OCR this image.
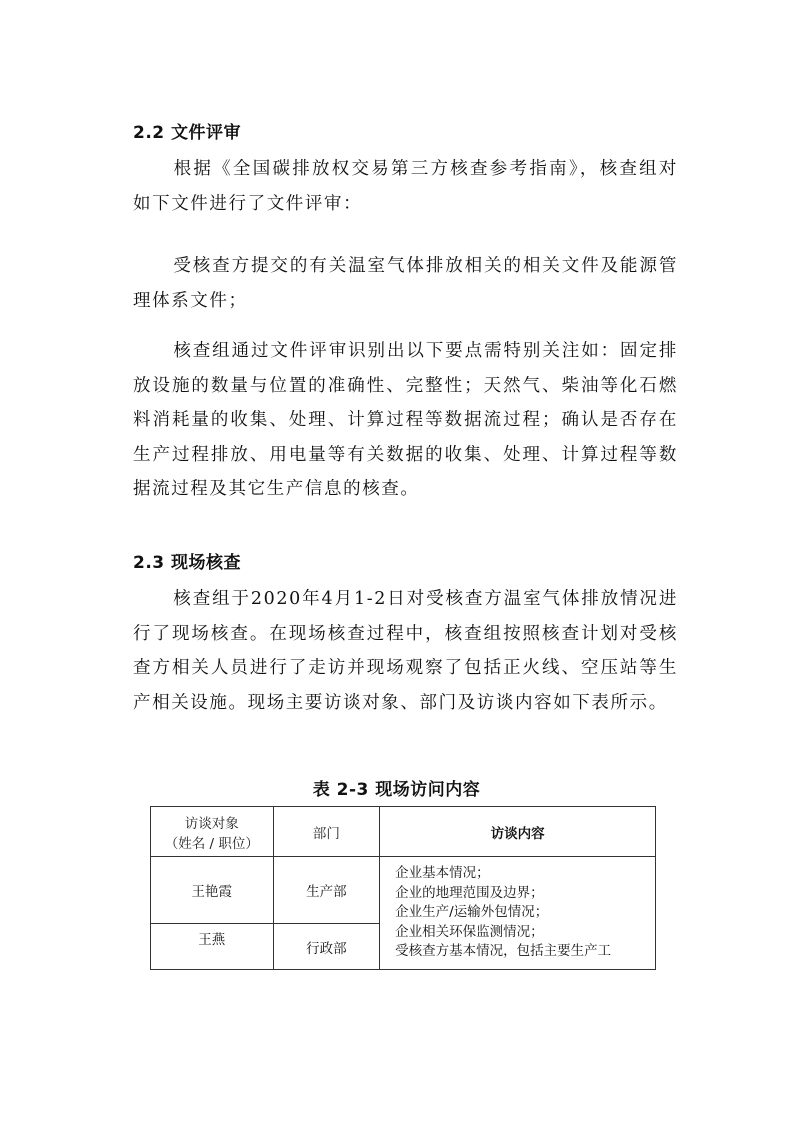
2.2 文件评审
根据《全国碳排放权交易第三方核查参考指南》，核查组对如下文件进行了文件评审：
受核查方提交的有关温室气体排放相关的相关文件及能源管理体系文件；
核查组通过文件评审识别出以下要点需特别关注如：固定排放设施的数量与位置的准确性、完整性；天然气、柴油等化石燃料消耗量的收集、处理、计算过程等数据流过程；确认是否存在生产过程排放、用电量等有关数据的收集、处理、计算过程等数据流过程及其它生产信息的核查。
2.3 现场核查
核查组于2020年4月1-2日对受核查方温室气体排放情况进行了现场核查。在现场核查过程中，核查组按照核查计划对受核查方相关人员进行了走访并现场观察了包括正火线、空压站等生产相关设施。现场主要访谈对象、部门及访谈内容如下表所示。
表 2-3 现场访问内容
访谈对象
（姓名 / 职位）	部门	访谈内容
王艳霞	生产部	企业基本情况；
企业的地理范围及边界；
企业生产/运输外包情况；
企业相关环保监测情况；
受核查方基本情况，包括主要生产工

王燕	行政部	
